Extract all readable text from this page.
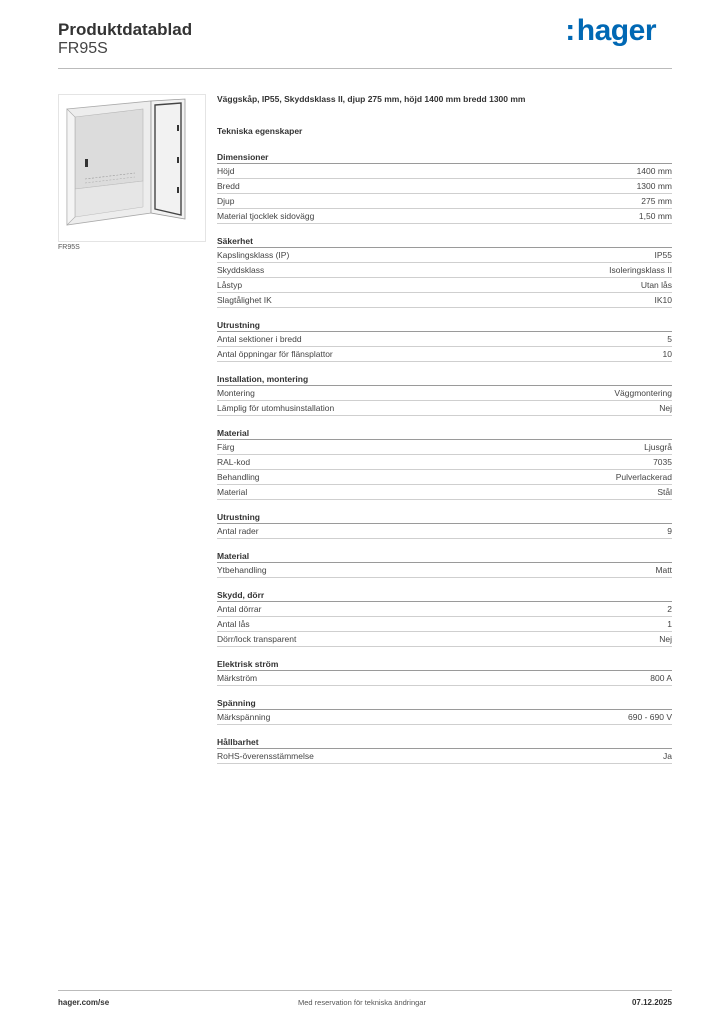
Produktdatablad
FR95S
:hager
FR95S
Väggskåp, IP55, Skyddsklass II, djup 275 mm, höjd 1400 mm bredd 1300 mm
Tekniska egenskaper
Dimensioner
Höjd	1400 mm
Bredd	1300 mm
Djup	275 mm
Material tjocklek sidovägg	1,50 mm
Säkerhet
Kapslingsklass (IP)	IP55
Skyddsklass	Isoleringsklass II
Låstyp	Utan lås
Slagtålighet IK	IK10
Utrustning
Antal sektioner i bredd	5
Antal öppningar för flänsplattor	10
Installation, montering
Montering	Väggmontering
Lämplig för utomhusinstallation	Nej
Material
Färg	Ljusgrå
RAL-kod	7035
Behandling	Pulverlackerad
Material	Stål
Utrustning
Antal rader	9
Material
Ytbehandling	Matt
Skydd, dörr
Antal dörrar	2
Antal lås	1
Dörr/lock transparent	Nej
Elektrisk ström
Märkström	800 A
Spänning
Märkspänning	690 - 690 V
Hållbarhet
RoHS-överensstämmelse	Ja
hager.com/se	Med reservation för tekniska ändringar	07.12.2025
